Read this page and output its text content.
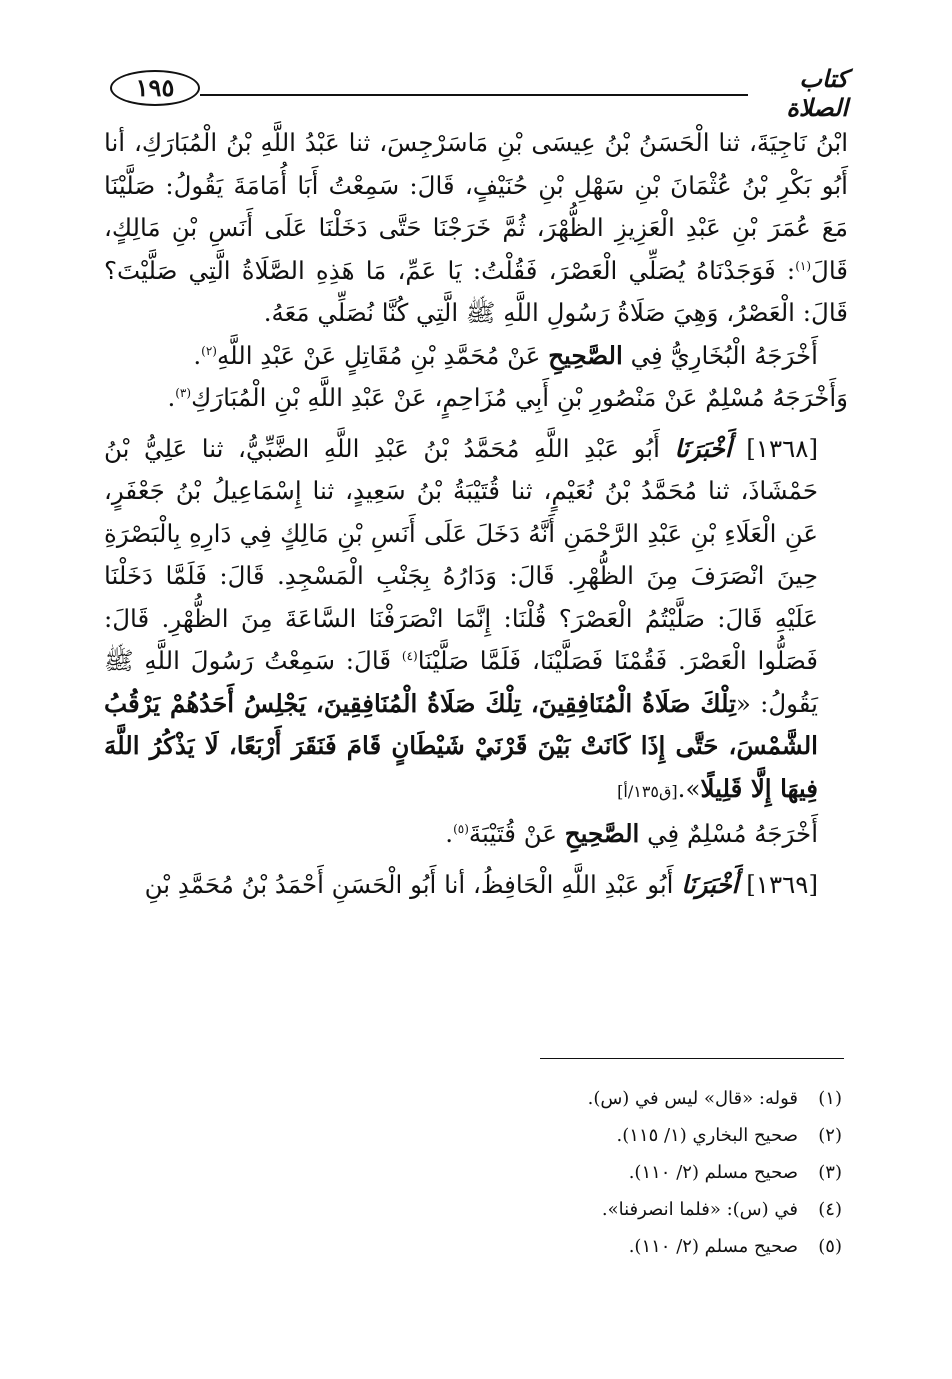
١٩٥	كتاب الصلاة

ابْنُ نَاجِيَةَ، ثنا الْحَسَنُ بْنُ عِيسَى بْنِ مَاسَرْجِسَ، ثنا عَبْدُ اللَّهِ بْنُ الْمُبَارَكِ، أنا أَبُو بَكْرِ بْنُ عُثْمَانَ بْنِ سَهْلِ بْنِ حُنَيْفٍ، قَالَ: سَمِعْتُ أَبَا أُمَامَةَ يَقُولُ: صَلَّيْنَا مَعَ عُمَرَ بْنِ عَبْدِ الْعَزِيزِ الظُّهْرَ، ثُمَّ خَرَجْنَا حَتَّى دَخَلْنَا عَلَى أَنَسِ بْنِ مَالِكٍ، قَالَ$^{(١)}$: فَوَجَدْنَاهُ يُصَلِّي الْعَصْرَ، فَقُلْتُ: يَا عَمِّ، مَا هَذِهِ الصَّلَاةُ الَّتِي صَلَّيْتَ؟ قَالَ: الْعَصْرُ، وَهِيَ صَلَاةُ رَسُولِ اللَّهِ ﷺ الَّتِي كُنَّا نُصَلِّي مَعَهُ.

أَخْرَجَهُ الْبُخَارِيُّ فِي الصَّحِيحِ عَنْ مُحَمَّدِ بْنِ مُقَاتِلٍ عَنْ عَبْدِ اللَّهِ$^{(٢)}$.

وَأَخْرَجَهُ مُسْلِمٌ عَنْ مَنْصُورِ بْنِ أَبِي مُزَاحِمٍ، عَنْ عَبْدِ اللَّهِ بْنِ الْمُبَارَكِ$^{(٣)}$.

[١٣٦٨] أَخْبَرَنَا أَبُو عَبْدِ اللَّهِ مُحَمَّدُ بْنُ عَبْدِ اللَّهِ الضَّبِّيُّ، ثنا عَلِيُّ بْنُ حَمْشَاذَ، ثنا مُحَمَّدُ بْنُ نُعَيْمٍ، ثنا قُتَيْبَةُ بْنُ سَعِيدٍ، ثنا إِسْمَاعِيلُ بْنُ جَعْفَرٍ، عَنِ الْعَلَاءِ بْنِ عَبْدِ الرَّحْمَنِ أَنَّهُ دَخَلَ عَلَى أَنَسِ بْنِ مَالِكٍ فِي دَارِهِ بِالْبَصْرَةِ حِينَ انْصَرَفَ مِنَ الظُّهْرِ. قَالَ: وَدَارُهُ بِجَنْبِ الْمَسْجِدِ. قَالَ: فَلَمَّا دَخَلْنَا عَلَيْهِ قَالَ: صَلَّيْتُمُ الْعَصْرَ؟ قُلْنَا: إِنَّمَا انْصَرَفْنَا السَّاعَةَ مِنَ الظُّهْرِ. قَالَ: فَصَلُّوا الْعَصْرَ. فَقُمْنَا فَصَلَّيْنَا، فَلَمَّا صَلَّيْنَا$^{(٤)}$ قَالَ: سَمِعْتُ رَسُولَ اللَّهِ ﷺ يَقُولُ: «تِلْكَ صَلَاةُ الْمُنَافِقِينَ، تِلْكَ صَلَاةُ الْمُنَافِقِينَ، يَجْلِسُ أَحَدُهُمْ يَرْقُبُ الشَّمْسَ، حَتَّى إِذَا كَانَتْ بَيْنَ قَرْنَيْ شَيْطَانٍ قَامَ فَنَقَرَ أَرْبَعًا، لَا يَذْكُرُ اللَّهَ فِيهَا إِلَّا قَلِيلًا».[ق١٣٥/أ]

أَخْرَجَهُ مُسْلِمٌ فِي الصَّحِيحِ عَنْ قُتَيْبَةَ$^{(٥)}$.

[١٣٦٩] أَخْبَرَنَا أَبُو عَبْدِ اللَّهِ الْحَافِظُ، أنا أَبُو الْحَسَنِ أَحْمَدُ بْنُ مُحَمَّدِ بْنِ

(١)قوله: «قال» ليس في (س).
(٢)صحيح البخاري (١/ ١١٥).
(٣)صحيح مسلم (٢/ ١١٠).
(٤)في (س): «فلما انصرفنا».
(٥)صحيح مسلم (٢/ ١١٠).
